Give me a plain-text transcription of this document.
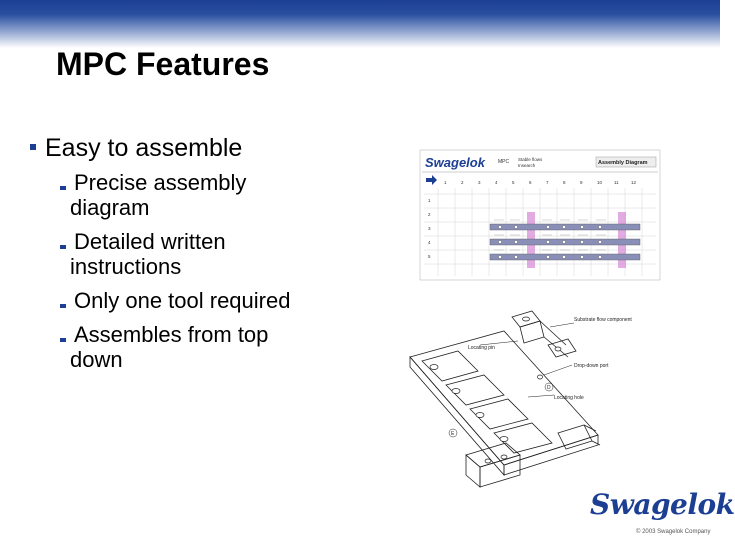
MPC Features
Easy to assemble
Precise assembly
diagram
Detailed written
instructions
Only one tool required
Assembles from top
down
Swagelok	MPC Stable flows
Insearch	Assembly Diagram
1	2	3	4	5	6	7	8	9	10	11	12
1
2
3
4
5
Locating pin
Substrate flow component
Drop-down port
Locating hole
D
E
Swagelok
© 2003 Swagelok Company
